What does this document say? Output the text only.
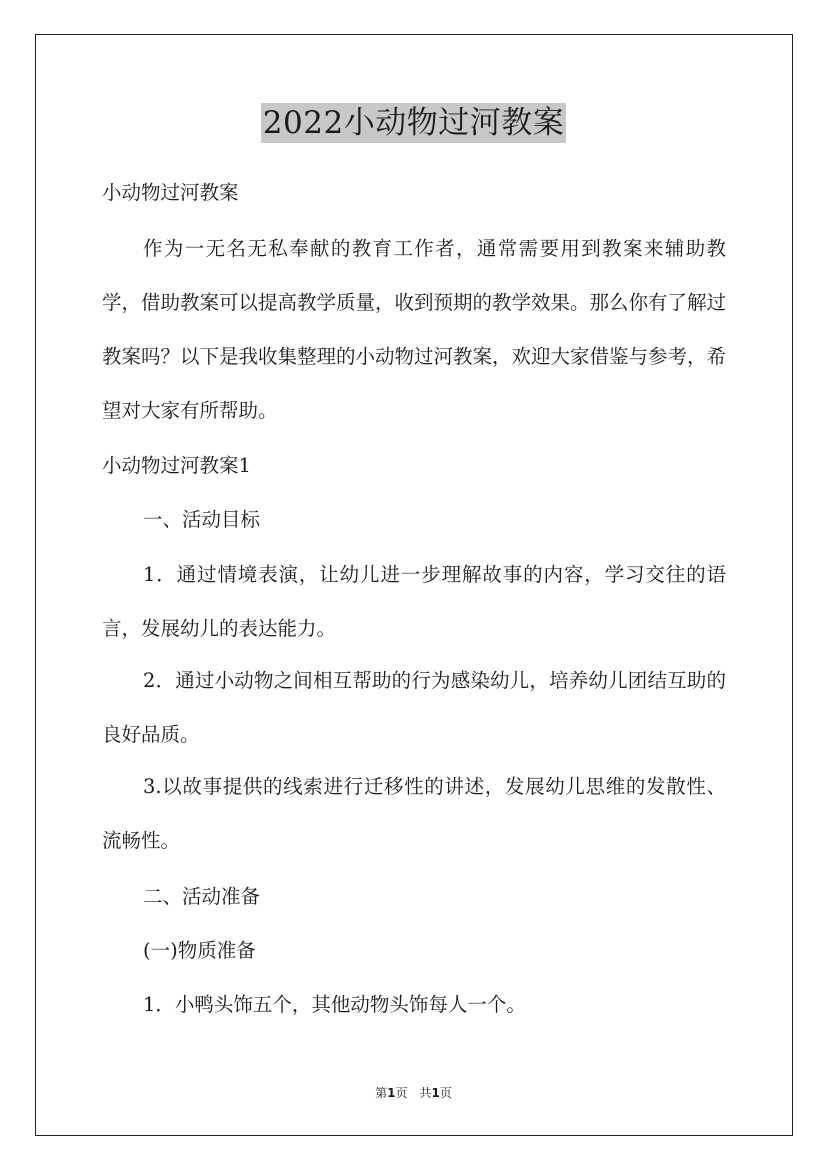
2022小动物过河教案
小动物过河教案
作为一无名无私奉献的教育工作者，通常需要用到教案来辅助教学，借助教案可以提高教学质量，收到预期的教学效果。那么你有了解过教案吗？以下是我收集整理的小动物过河教案，欢迎大家借鉴与参考，希望对大家有所帮助。
小动物过河教案1
一、活动目标
1．通过情境表演，让幼儿进一步理解故事的内容，学习交往的语言，发展幼儿的表达能力。
2．通过小动物之间相互帮助的行为感染幼儿，培养幼儿团结互助的良好品质。
3.以故事提供的线索进行迁移性的讲述，发展幼儿思维的发散性、流畅性。
二、活动准备
(一)物质准备
1．小鸭头饰五个，其他动物头饰每人一个。
第1页　共1页
